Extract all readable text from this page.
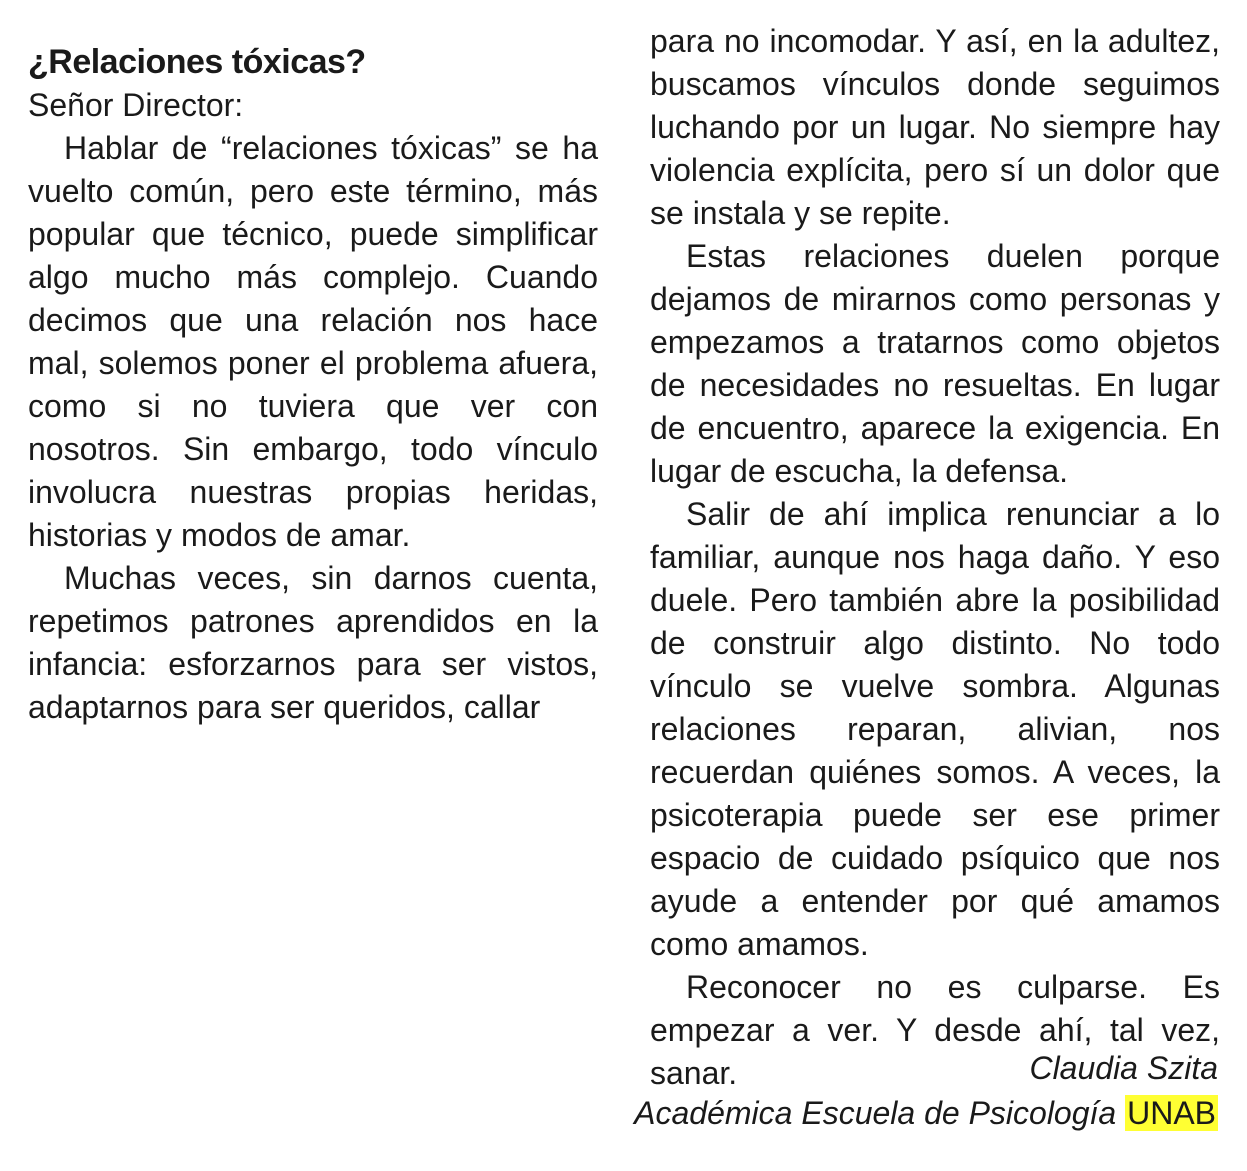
¿Relaciones tóxicas?
Señor Director:

Hablar de “relaciones tóxicas” se ha vuelto común, pero este término, más popular que técnico, puede simplificar algo mucho más complejo. Cuando decimos que una relación nos hace mal, solemos poner el problema afuera, como si no tuviera que ver con nosotros. Sin embargo, todo vínculo involucra nuestras propias heridas, historias y modos de amar.

Muchas veces, sin darnos cuenta, repetimos patrones aprendidos en la infancia: esforzarnos para ser vistos, adaptarnos para ser queridos, callar

para no incomodar. Y así, en la adultez, buscamos vínculos donde seguimos luchando por un lugar. No siempre hay violencia explícita, pero sí un dolor que se instala y se repite.

Estas relaciones duelen porque dejamos de mirarnos como personas y empezamos a tratarnos como objetos de necesidades no resueltas. En lugar de encuentro, aparece la exigencia. En lugar de escucha, la defensa.

Salir de ahí implica renunciar a lo familiar, aunque nos haga daño. Y eso duele. Pero también abre la posibilidad de construir algo distinto. No todo vínculo se vuelve sombra. Algunas relaciones reparan, alivian, nos recuerdan quiénes somos. A veces, la psicoterapia puede ser ese primer espacio de cuidado psíquico que nos ayude a entender por qué amamos como amamos.

Reconocer no es culparse. Es empezar a ver. Y desde ahí, tal vez, sanar.	Claudia Szita
Académica Escuela de Psicología UNAB
